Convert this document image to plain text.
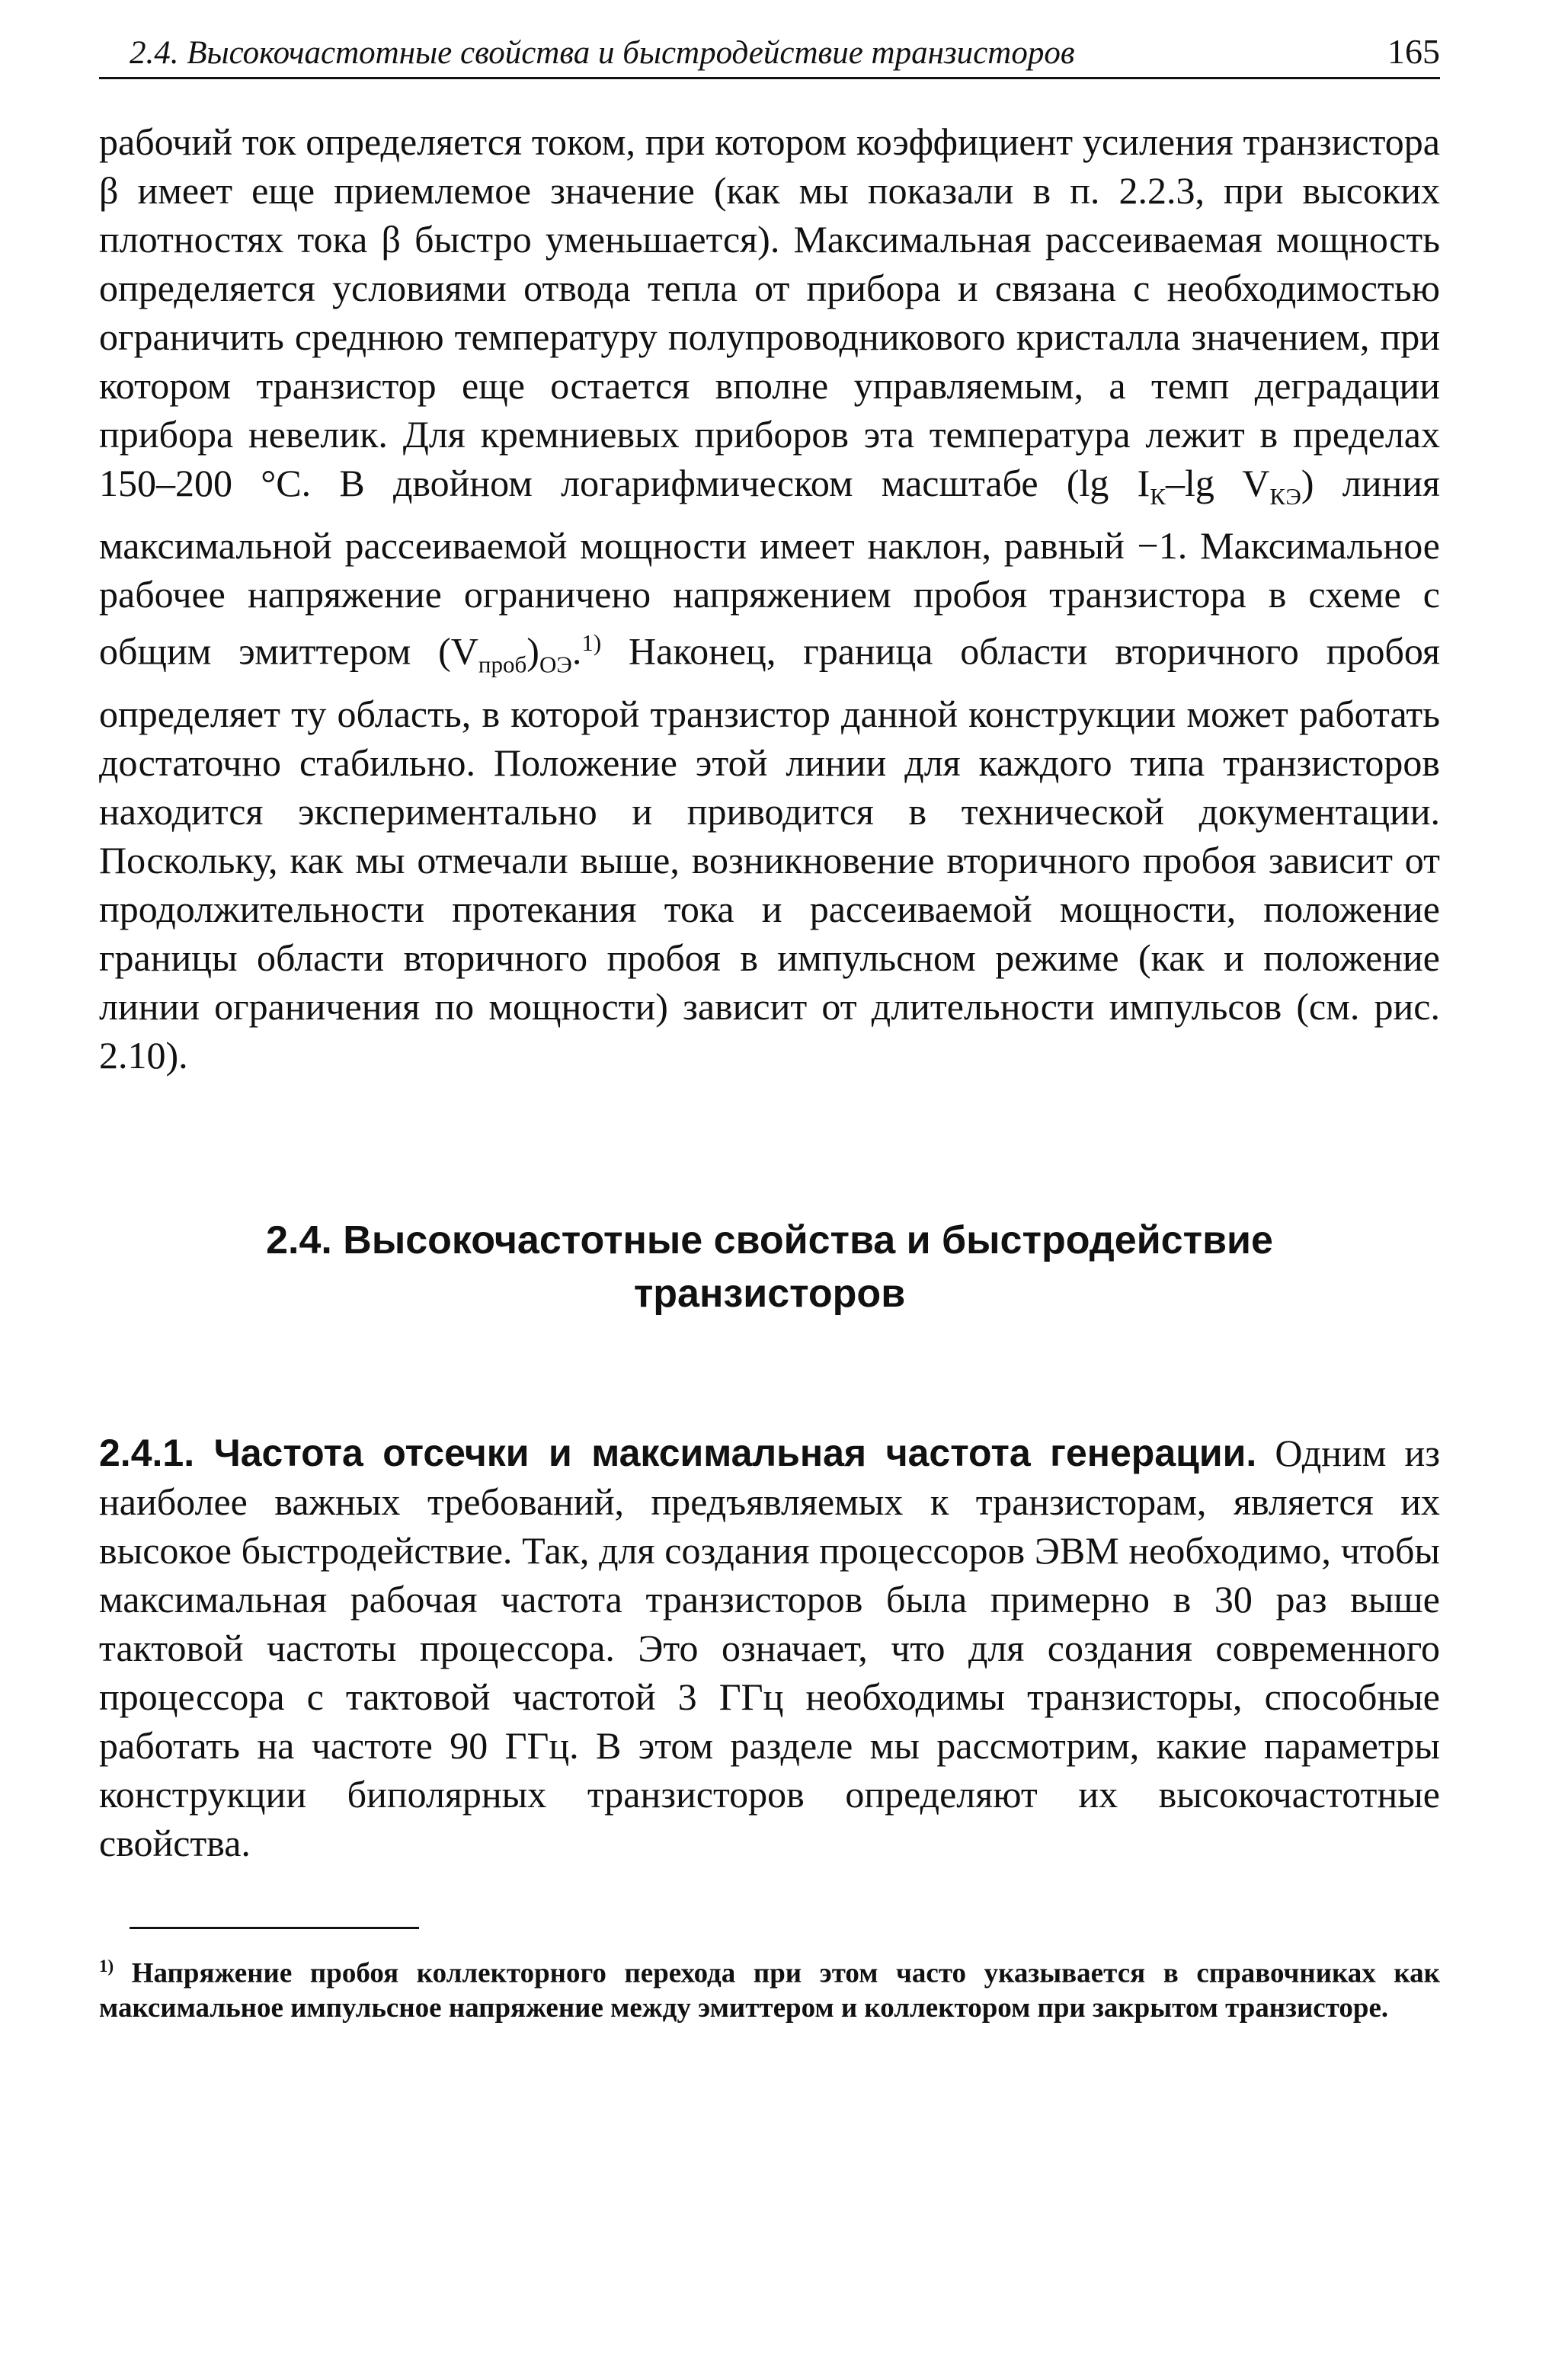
2.4. Высокочастотные свойства и быстродействие транзисторов	165

рабочий ток определяется током, при котором коэффициент усиления транзистора β имеет еще приемлемое значение (как мы показали в п. 2.2.3, при высоких плотностях тока β быстро уменьшается). Максимальная рассеиваемая мощность определяется условиями отвода тепла от прибора и связана с необходимостью ограничить среднюю температуру полупроводникового кристалла значением, при котором транзистор еще остается вполне управляемым, а темп деградации прибора невелик. Для кремниевых приборов эта температура лежит в пределах 150–200 °C. В двойном логарифмическом масштабе (lg $I_К-\lg$ $V_{КЭ}$) линия максимальной рассеиваемой мощности имеет наклон, равный −1. Максимальное рабочее напряжение ограничено напряжением пробоя транзистора в схеме с общим эмиттером $(V_{проб})_{ОЭ}.^{1)}$ Наконец, граница области вторичного пробоя определяет ту область, в которой транзистор данной конструкции может работать достаточно стабильно. Положение этой линии для каждого типа транзисторов находится экспериментально и приводится в технической документации. Поскольку, как мы отмечали выше, возникновение вторичного пробоя зависит от продолжительности протекания тока и рассеиваемой мощности, положение границы области вторичного пробоя в импульсном режиме (как и положение линии ограничения по мощности) зависит от длительности импульсов (см. рис. 2.10).

2.4. Высокочастотные свойства и быстродействие
транзисторов

2.4.1. Частота отсечки и максимальная частота генерации. Одним из наиболее важных требований, предъявляемых к транзисторам, является их высокое быстродействие. Так, для создания процессоров ЭВМ необходимо, чтобы максимальная рабочая частота транзисторов была примерно в 30 раз выше тактовой частоты процессора. Это означает, что для создания современного процессора с тактовой частотой 3 ГГц необходимы транзисторы, способные работать на частоте 90 ГГц. В этом разделе мы рассмотрим, какие параметры конструкции биполярных транзисторов определяют их высокочастотные свойства.

$^{1)}$ Напряжение пробоя коллекторного перехода при этом часто указывается в справочниках как максимальное импульсное напряжение между эмиттером и коллектором при закрытом транзисторе.
